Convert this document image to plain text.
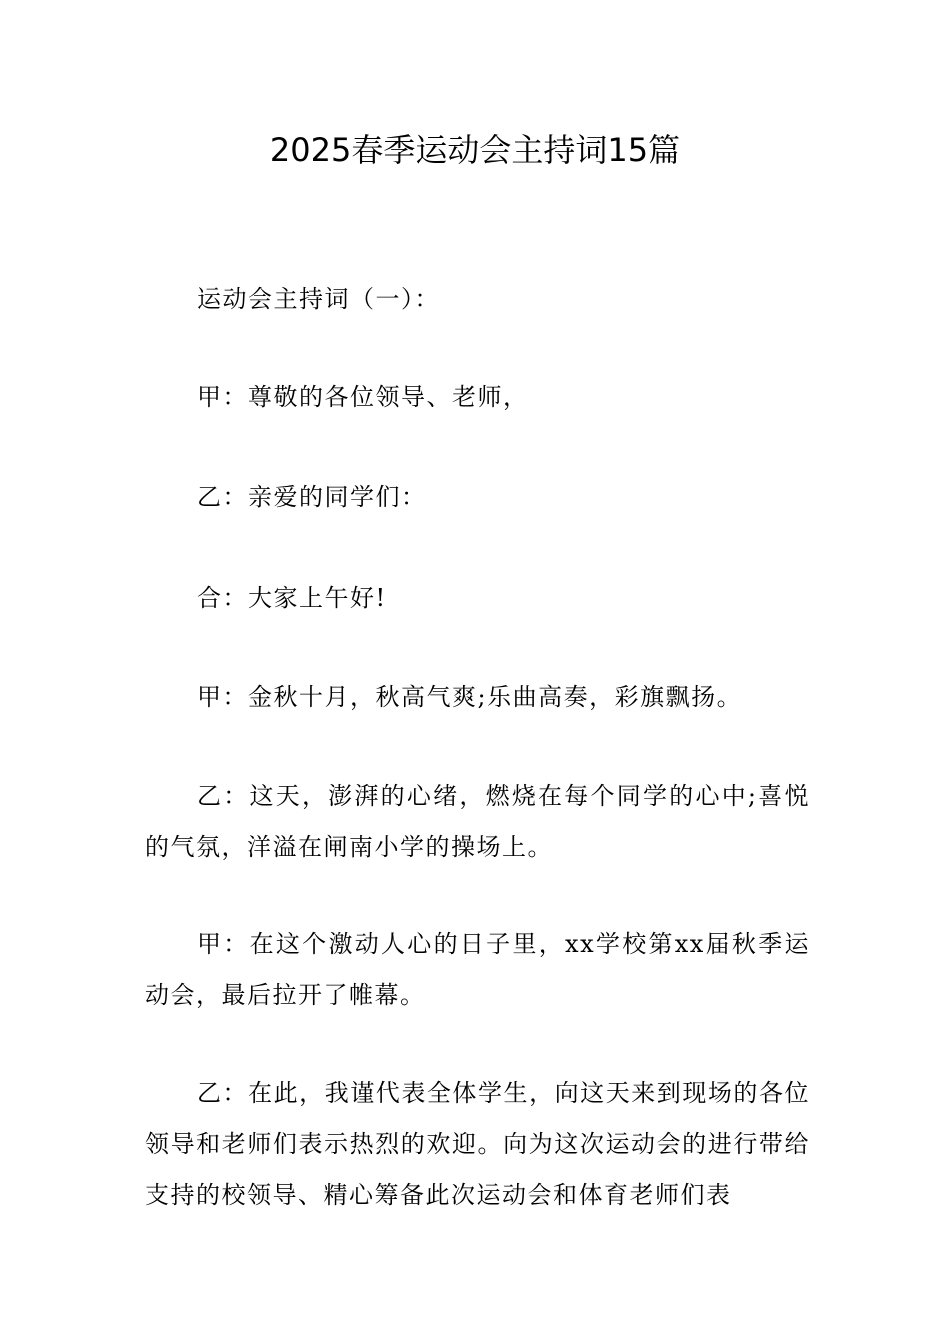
2025春季运动会主持词15篇

运动会主持词（一）：

甲：尊敬的各位领导、老师，

乙：亲爱的同学们：

合：大家上午好!

甲：金秋十月，秋高气爽;乐曲高奏，彩旗飘扬。

乙：这天，澎湃的心绪，燃烧在每个同学的心中;喜悦的气氛，洋溢在闸南小学的操场上。

甲：在这个激动人心的日子里，xx学校第xx届秋季运动会，最后拉开了帷幕。

乙：在此，我谨代表全体学生，向这天来到现场的各位领导和老师们表示热烈的欢迎。向为这次运动会的进行带给支持的校领导、精心筹备此次运动会和体育老师们表
